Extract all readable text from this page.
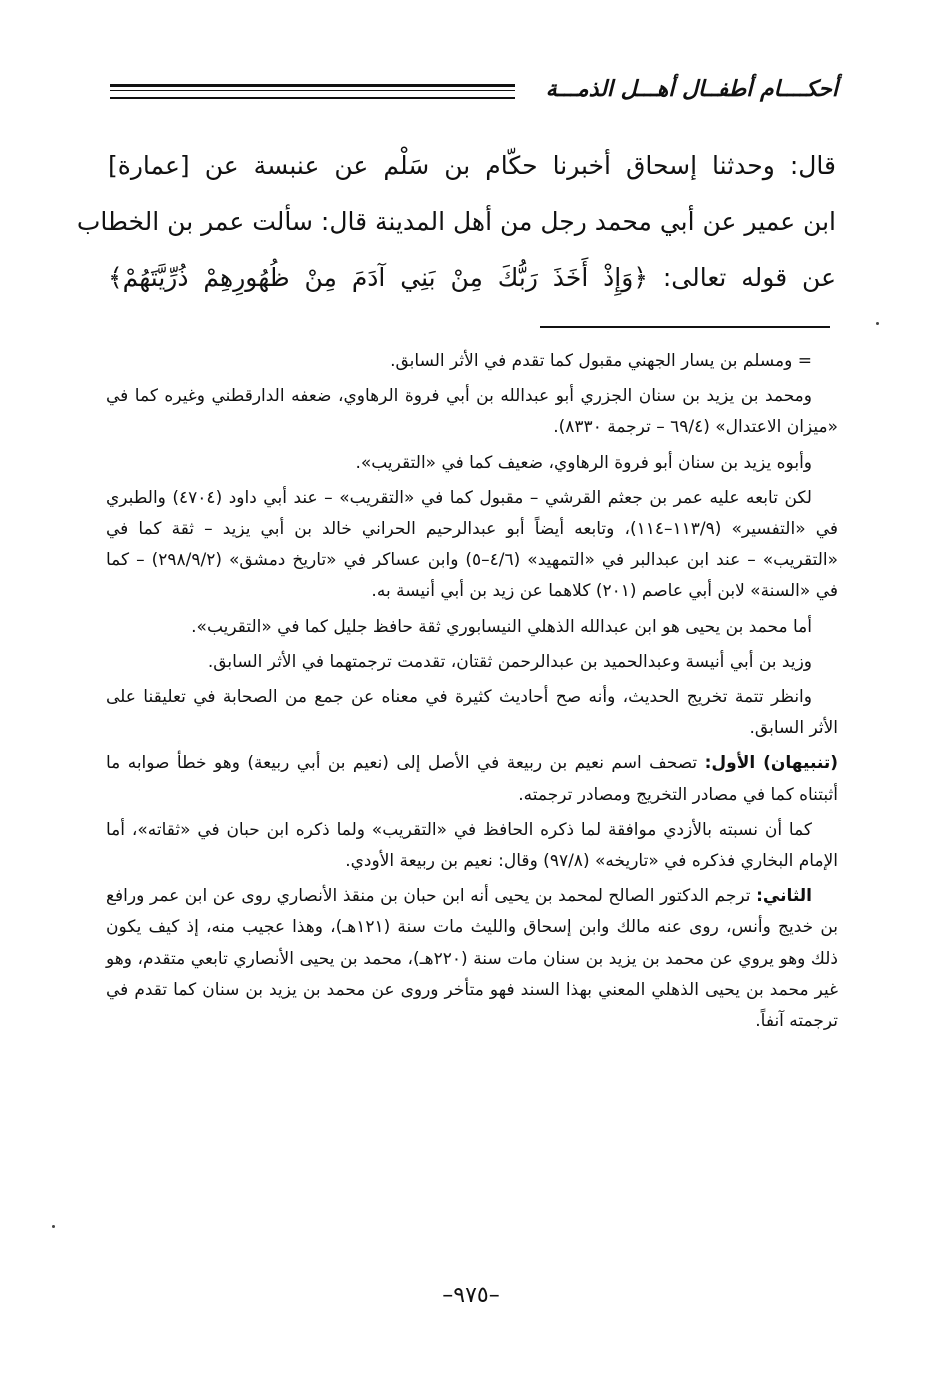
أحكــــام أطفــال أهـــل الذمـــة
قال: وحدثنا إسحاق أخبرنا حكّام بن سَلْم عن عنبسة عن [عمارة]
ابن عمير عن أبي محمد رجل من أهل المدينة قال: سألت عمر بن الخطاب
عن قوله تعالى: ﴿وَإِذْ أَخَذَ رَبُّكَ مِنْ بَنِي آدَمَ مِنْ ظُهُورِهِمْ ذُرِّيَّتَهُمْ﴾

= ومسلم بن يسار الجهني مقبول كما تقدم في الأثر السابق.

ومحمد بن يزيد بن سنان الجزري أبو عبدالله بن أبي فروة الرهاوي، ضعفه الدارقطني وغيره كما في «ميزان الاعتدال» (٦٩/٤ – ترجمة ٨٣٣٠).

وأبوه يزيد بن سنان أبو فروة الرهاوي، ضعيف كما في «التقريب».

لكن تابعه عليه عمر بن جعثم القرشي – مقبول كما في «التقريب» – عند أبي داود (٤٧٠٤) والطبري في «التفسير» (١١٣/٩–١١٤)، وتابعه أيضاً أبو عبدالرحيم الحراني خالد بن أبي يزيد – ثقة كما في «التقريب» – عند ابن عبدالبر في «التمهيد» (٤/٦–٥) وابن عساكر في «تاريخ دمشق» (٢٩٨/٩/٢) – كما في «السنة» لابن أبي عاصم (٢٠١) كلاهما عن زيد بن أبي أنيسة به.

أما محمد بن يحيى هو ابن عبدالله الذهلي النيسابوري ثقة حافظ جليل كما في «التقريب».

وزيد بن أبي أنيسة وعبدالحميد بن عبدالرحمن ثقتان، تقدمت ترجمتهما في الأثر السابق.

وانظر تتمة تخريج الحديث، وأنه صح أحاديث كثيرة في معناه عن جمع من الصحابة في تعليقنا على الأثر السابق.

(تنبيهان) الأول: تصحف اسم نعيم بن ربيعة في الأصل إلى (نعيم بن أبي ربيعة) وهو خطأ صوابه ما أثبتناه كما في مصادر التخريج ومصادر ترجمته.

كما أن نسبته بالأزدي موافقة لما ذكره الحافظ في «التقريب» ولما ذكره ابن حبان في «ثقاته»، أما الإمام البخاري فذكره في «تاريخه» (٩٧/٨) وقال: نعيم بن ربيعة الأودي.

الثاني: ترجم الدكتور الصالح لمحمد بن يحيى أنه ابن حبان بن منقذ الأنصاري روى عن ابن عمر ورافع بن خديج وأنس، روى عنه مالك وابن إسحاق والليث مات سنة (١٢١هـ)، وهذا عجيب منه، إذ كيف يكون ذلك وهو يروي عن محمد بن يزيد بن سنان مات سنة (٢٢٠هـ)، محمد بن يحيى الأنصاري تابعي متقدم، وهو غير محمد بن يحيى الذهلي المعني بهذا السند فهو متأخر وروى عن محمد بن يزيد بن سنان كما تقدم في ترجمته آنفاً.

–٩٧٥–
